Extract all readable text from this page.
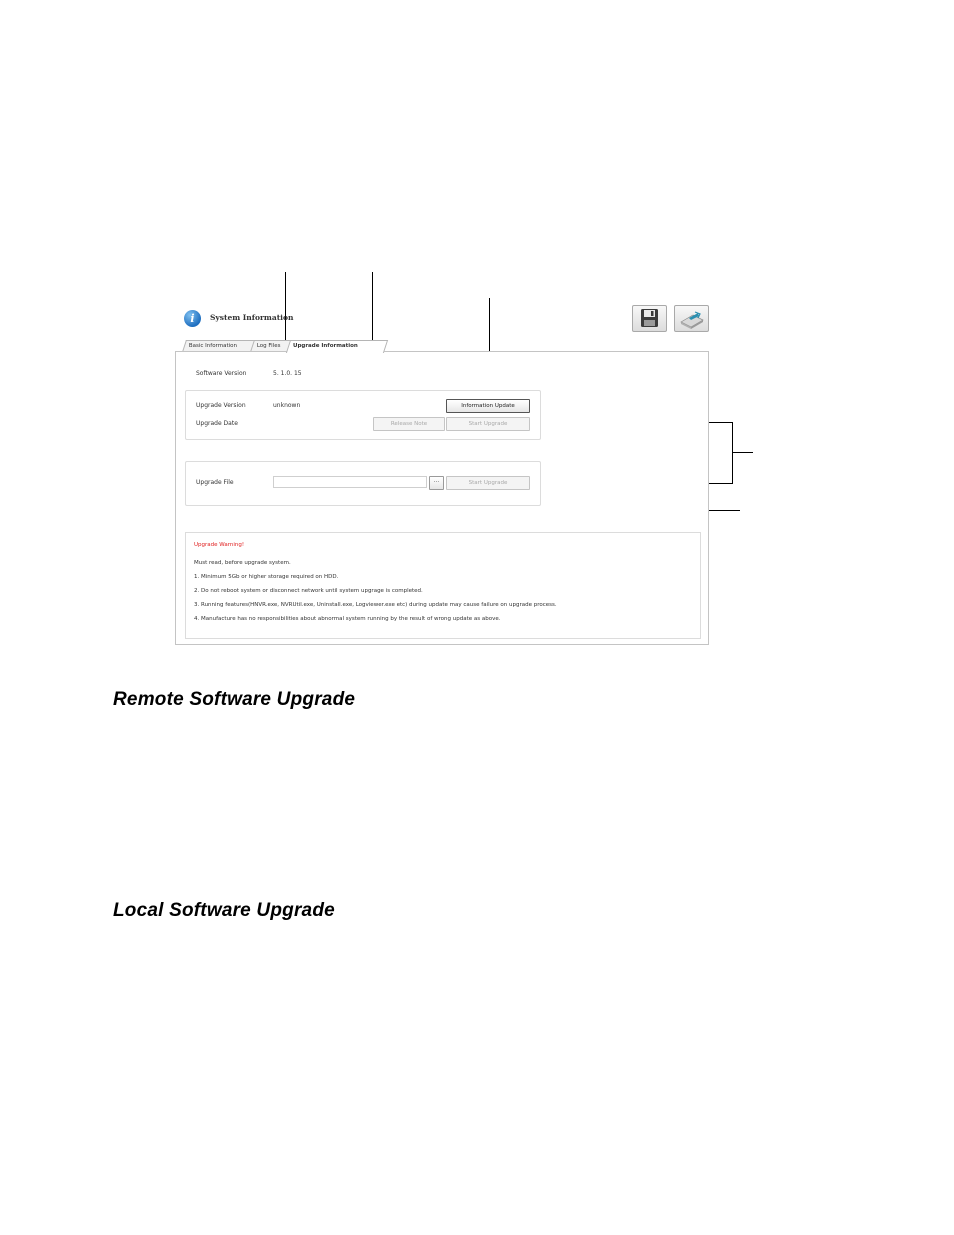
i	System Information
Basic Information	Log Files	Upgrade Information
Software Version	5. 1.0. 15
Upgrade Version	unknown
Upgrade Date
Information Update
Release Note	Start Upgrade
Upgrade File	...	Start Upgrade
Upgrade Warning!
Must read, before upgrade system.
1. Minimum 5Gb or higher storage required on HDD.
2. Do not reboot system or disconnect network until system upgrage is completed.
3. Running features(HNVR.exe, NVRUtil.exe, Uninstall.exe, Logviewer.exe etc) during update may cause failure on upgrade process.
4. Manufacture has no responsibilities about abnormal system running by the result of wrong update as above.
Remote Software Upgrade
Local Software Upgrade
